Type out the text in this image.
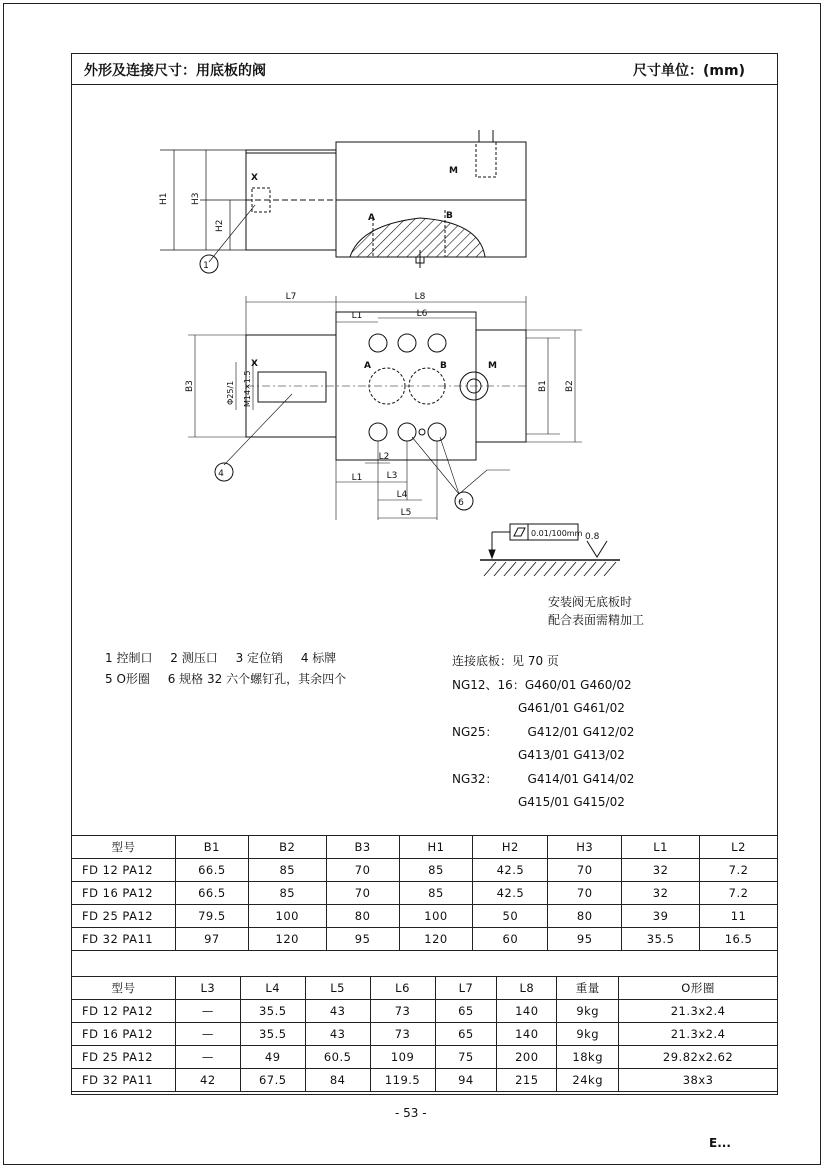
外形及连接尺寸：用底板的阀	尺寸单位：(mm)
H1 H3
H2
X
M
A	B
1
L7	L8
L1	L6
B3	Φ25/1 M14×1.5	B1 B2
X	A	B	M
L2
L1	L3
L4
L5
4
6
0.01/100mm 0.8
安装阀无底板时
配合表面需精加工
1 控制口 2 测压口 3 定位销 4 标牌
5 O形圈 6 规格 32 六个螺钉孔，其余四个
连接底板：见 70 页
NG12、16：G460/01 G460/02
G461/01 G461/02
NG25：	G412/01 G412/02
G413/01 G413/02
NG32：	G414/01 G414/02
G415/01 G415/02
型号	B1	B2	B3	H1	H2	H3	L1	L2
FD 12 PA12	66.5	85	70	85	42.5	70	32	7.2
FD 16 PA12	66.5	85	70	85	42.5	70	32	7.2
FD 25 PA12	79.5	100	80	100	50	80	39	11
FD 32 PA11	97	120	95	120	60	95	35.5	16.5
型号	L3	L4	L5	L6	L7	L8	重量	O形圈
FD 12 PA12	—	35.5	43	73	65	140	9kg	21.3x2.4
FD 16 PA12	—	35.5	43	73	65	140	9kg	21.3x2.4
FD 25 PA12	—	49	60.5	109	75	200	18kg	29.82x2.62
FD 32 PA11	42	67.5	84	119.5	94	215	24kg	38x3
- 53 -
E...
